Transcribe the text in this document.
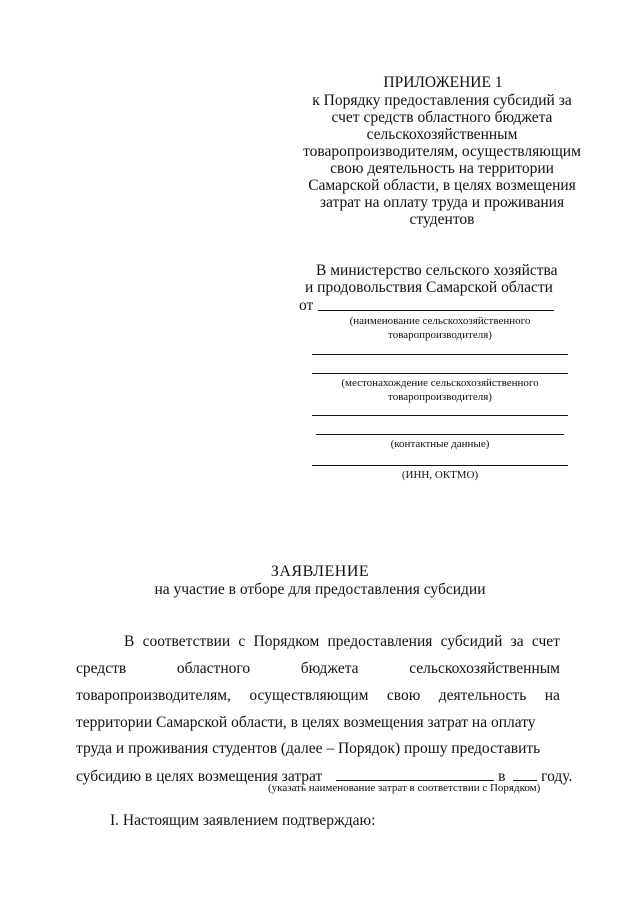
ПРИЛОЖЕНИЕ 1
к Порядку предоставления субсидий за
счет средств областного бюджета
сельскохозяйственным
товаропроизводителям, осуществляющим
свою деятельность на территории
Самарской области, в целях возмещения
затрат на оплату труда и проживания
студентов
В министерство сельского хозяйства
и продовольствия Самарской области
от
(наименование сельскохозяйственного
товаропроизводителя)
(местонахождение сельскохозяйственного
товаропроизводителя)
(контактные данные)
(ИНН, ОКТМО)
ЗАЯВЛЕНИЕ
на участие в отборе для предоставления субсидии
В соответствии с Порядком предоставления субсидий за счет
средств	областного	бюджета	сельскохозяйственным
товаропроизводителям, осуществляющим свою деятельность на
территории Самарской области, в целях возмещения затрат на оплату
труда и проживания студентов (далее – Порядок) прошу предоставить
субсидию в целях возмещения затрат	в году.
(указать наименование затрат в соответствии с Порядком)
I. Настоящим заявлением подтверждаю:
